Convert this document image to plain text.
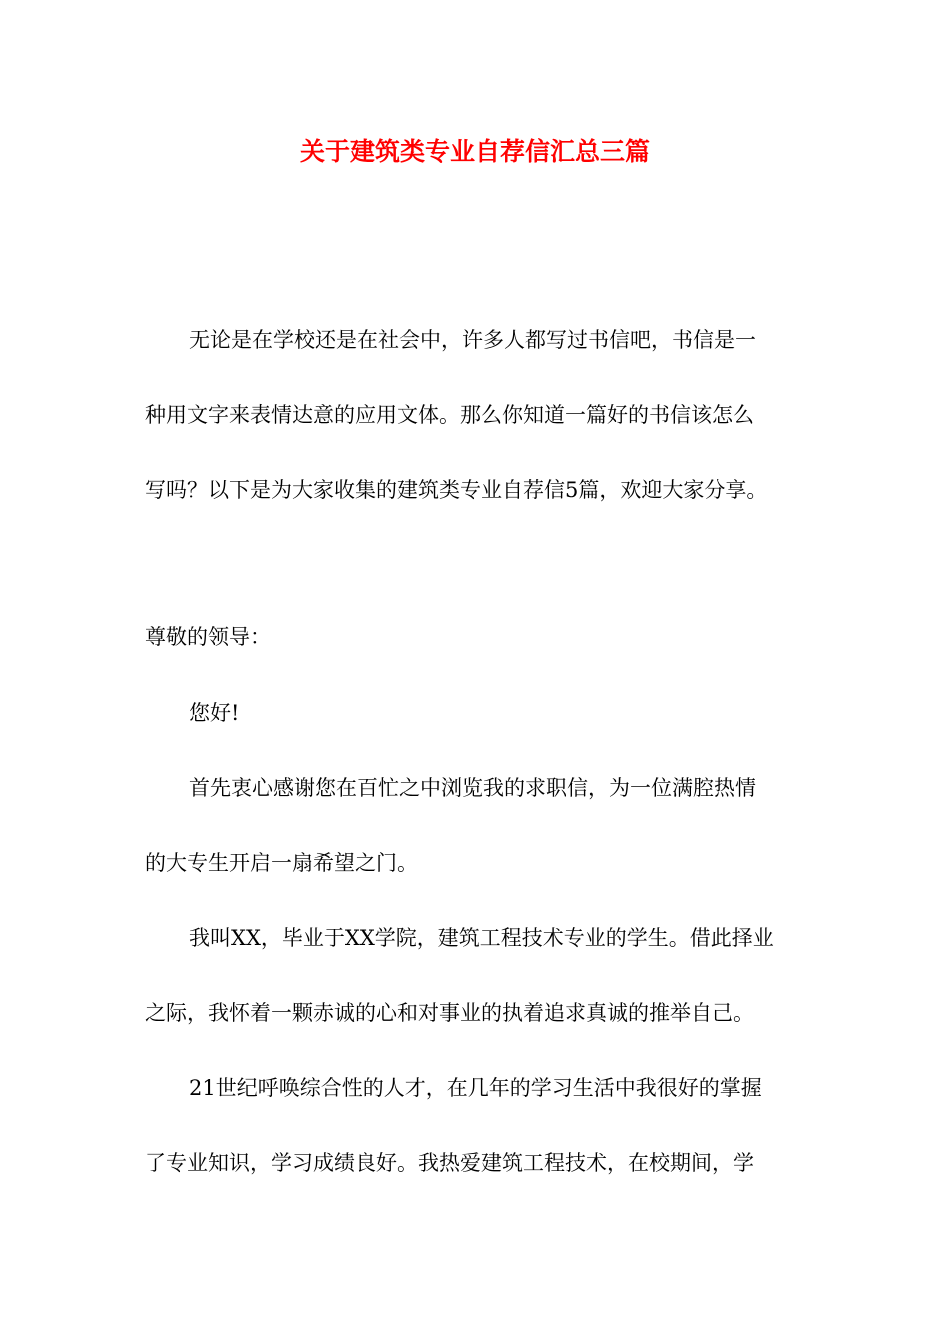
关于建筑类专业自荐信汇总三篇
无论是在学校还是在社会中，许多人都写过书信吧，书信是一
种用文字来表情达意的应用文体。那么你知道一篇好的书信该怎么
写吗？以下是为大家收集的建筑类专业自荐信5篇，欢迎大家分享。
尊敬的领导：
您好!
首先衷心感谢您在百忙之中浏览我的求职信，为一位满腔热情
的大专生开启一扇希望之门。
我叫XX，毕业于XX学院，建筑工程技术专业的学生。借此择业
之际，我怀着一颗赤诚的心和对事业的执着追求真诚的推举自己。
21世纪呼唤综合性的人才，在几年的学习生活中我很好的掌握
了专业知识，学习成绩良好。我热爱建筑工程技术，在校期间，学
